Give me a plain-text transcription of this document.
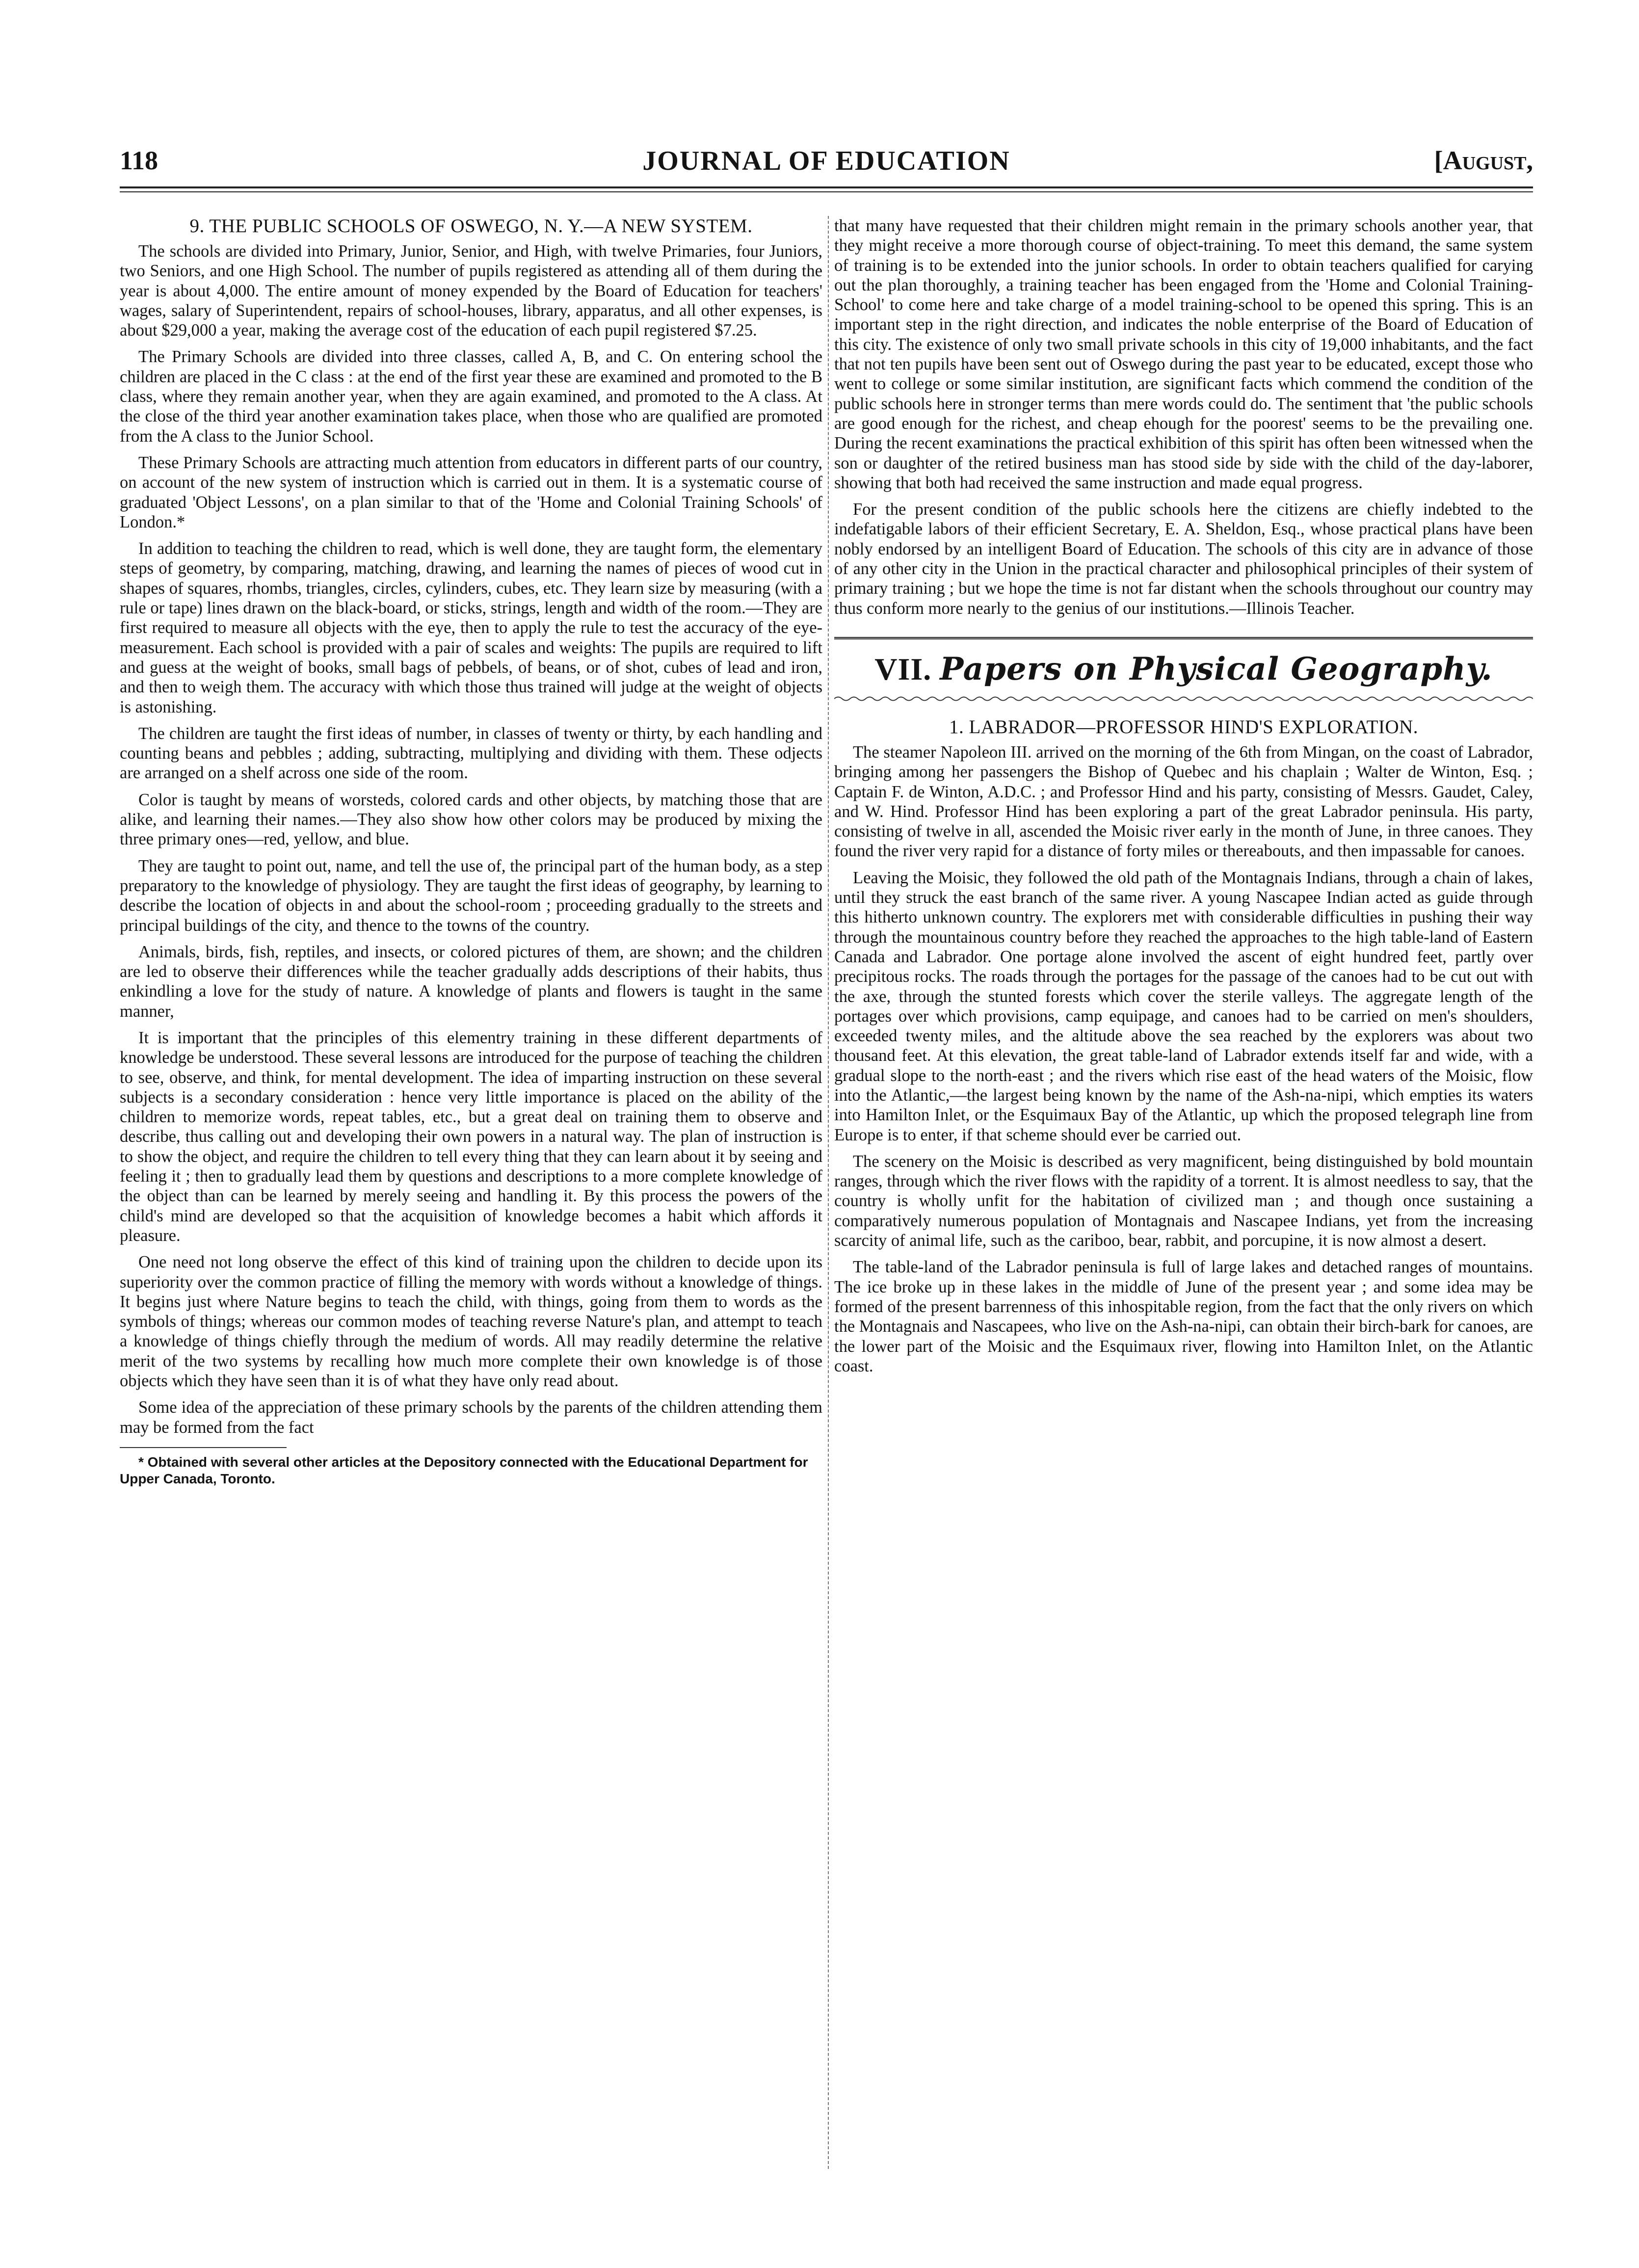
118	JOURNAL OF EDUCATION	[August,
9. THE PUBLIC SCHOOLS OF OSWEGO, N. Y.—A NEW SYSTEM.

The schools are divided into Primary, Junior, Senior, and High, with twelve Primaries, four Juniors, two Seniors, and one High School. The number of pupils registered as attending all of them during the year is about 4,000. The entire amount of money expended by the Board of Education for teachers' wages, salary of Superintendent, repairs of school-houses, library, apparatus, and all other expenses, is about $29,000 a year, making the average cost of the education of each pupil registered $7.25.

The Primary Schools are divided into three classes, called A, B, and C. On entering school the children are placed in the C class : at the end of the first year these are examined and promoted to the B class, where they remain another year, when they are again examined, and promoted to the A class. At the close of the third year another examination takes place, when those who are qualified are promoted from the A class to the Junior School.

These Primary Schools are attracting much attention from educators in different parts of our country, on account of the new system of instruction which is carried out in them. It is a systematic course of graduated 'Object Lessons', on a plan similar to that of the 'Home and Colonial Training Schools' of London.*

In addition to teaching the children to read, which is well done, they are taught form, the elementary steps of geometry, by comparing, matching, drawing, and learning the names of pieces of wood cut in shapes of squares, rhombs, triangles, circles, cylinders, cubes, etc. They learn size by measuring (with a rule or tape) lines drawn on the black-board, or sticks, strings, length and width of the room.—They are first required to measure all objects with the eye, then to apply the rule to test the accuracy of the eye-measurement. Each school is provided with a pair of scales and weights: The pupils are required to lift and guess at the weight of books, small bags of pebbels, of beans, or of shot, cubes of lead and iron, and then to weigh them. The accuracy with which those thus trained will judge at the weight of objects is astonishing.

The children are taught the first ideas of number, in classes of twenty or thirty, by each handling and counting beans and pebbles ; adding, subtracting, multiplying and dividing with them. These odjects are arranged on a shelf across one side of the room.

Color is taught by means of worsteds, colored cards and other objects, by matching those that are alike, and learning their names.—They also show how other colors may be produced by mixing the three primary ones—red, yellow, and blue.

They are taught to point out, name, and tell the use of, the principal part of the human body, as a step preparatory to the knowledge of physiology. They are taught the first ideas of geography, by learning to describe the location of objects in and about the school-room ; proceeding gradually to the streets and principal buildings of the city, and thence to the towns of the country.

Animals, birds, fish, reptiles, and insects, or colored pictures of them, are shown; and the children are led to observe their differences while the teacher gradually adds descriptions of their habits, thus enkindling a love for the study of nature. A knowledge of plants and flowers is taught in the same manner,

It is important that the principles of this elementry training in these different departments of knowledge be understood. These several lessons are introduced for the purpose of teaching the children to see, observe, and think, for mental development. The idea of imparting instruction on these several subjects is a secondary consideration : hence very little importance is placed on the ability of the children to memorize words, repeat tables, etc., but a great deal on training them to observe and describe, thus calling out and developing their own powers in a natural way. The plan of instruction is to show the object, and require the children to tell every thing that they can learn about it by seeing and feeling it ; then to gradually lead them by questions and descriptions to a more complete knowledge of the object than can be learned by merely seeing and handling it. By this process the powers of the child's mind are developed so that the acquisition of knowledge becomes a habit which affords it pleasure.

One need not long observe the effect of this kind of training upon the children to decide upon its superiority over the common practice of filling the memory with words without a knowledge of things. It begins just where Nature begins to teach the child, with things, going from them to words as the symbols of things; whereas our common modes of teaching reverse Nature's plan, and attempt to teach a knowledge of things chiefly through the medium of words. All may readily determine the relative merit of the two systems by recalling how much more complete their own knowledge is of those objects which they have seen than it is of what they have only read about.

Some idea of the appreciation of these primary schools by the parents of the children attending them may be formed from the fact

* Obtained with several other articles at the Depository connected with the Educational Department for Upper Canada, Toronto.

that many have requested that their children might remain in the primary schools another year, that they might receive a more thorough course of object-training. To meet this demand, the same system of training is to be extended into the junior schools. In order to obtain teachers qualified for carying out the plan thoroughly, a training teacher has been engaged from the 'Home and Colonial Training-School' to come here and take charge of a model training-school to be opened this spring. This is an important step in the right direction, and indicates the noble enterprise of the Board of Education of this city. The existence of only two small private schools in this city of 19,000 inhabitants, and the fact that not ten pupils have been sent out of Oswego during the past year to be educated, except those who went to college or some similar institution, are significant facts which commend the condition of the public schools here in stronger terms than mere words could do. The sentiment that 'the public schools are good enough for the richest, and cheap ehough for the poorest' seems to be the prevailing one. During the recent examinations the practical exhibition of this spirit has often been witnessed when the son or daughter of the retired business man has stood side by side with the child of the day-laborer, showing that both had received the same instruction and made equal progress.

For the present condition of the public schools here the citizens are chiefly indebted to the indefatigable labors of their efficient Secretary, E. A. Sheldon, Esq., whose practical plans have been nobly endorsed by an intelligent Board of Education. The schools of this city are in advance of those of any other city in the Union in the practical character and philosophical principles of their system of primary training ; but we hope the time is not far distant when the schools throughout our country may thus conform more nearly to the genius of our institutions.—Illinois Teacher.

VII. Papers on Physical Geography.
1. LABRADOR—PROFESSOR HIND'S EXPLORATION.

The steamer Napoleon III. arrived on the morning of the 6th from Mingan, on the coast of Labrador, bringing among her passengers the Bishop of Quebec and his chaplain ; Walter de Winton, Esq. ; Captain F. de Winton, A.D.C. ; and Professor Hind and his party, consisting of Messrs. Gaudet, Caley, and W. Hind. Professor Hind has been exploring a part of the great Labrador peninsula. His party, consisting of twelve in all, ascended the Moisic river early in the month of June, in three canoes. They found the river very rapid for a distance of forty miles or thereabouts, and then impassable for canoes.

Leaving the Moisic, they followed the old path of the Montagnais Indians, through a chain of lakes, until they struck the east branch of the same river. A young Nascapee Indian acted as guide through this hitherto unknown country. The explorers met with considerable difficulties in pushing their way through the mountainous country before they reached the approaches to the high table-land of Eastern Canada and Labrador. One portage alone involved the ascent of eight hundred feet, partly over precipitous rocks. The roads through the portages for the passage of the canoes had to be cut out with the axe, through the stunted forests which cover the sterile valleys. The aggregate length of the portages over which provisions, camp equipage, and canoes had to be carried on men's shoulders, exceeded twenty miles, and the altitude above the sea reached by the explorers was about two thousand feet. At this elevation, the great table-land of Labrador extends itself far and wide, with a gradual slope to the north-east ; and the rivers which rise east of the head waters of the Moisic, flow into the Atlantic,—the largest being known by the name of the Ash-na-nipi, which empties its waters into Hamilton Inlet, or the Esquimaux Bay of the Atlantic, up which the proposed telegraph line from Europe is to enter, if that scheme should ever be carried out.

The scenery on the Moisic is described as very magnificent, being distinguished by bold mountain ranges, through which the river flows with the rapidity of a torrent. It is almost needless to say, that the country is wholly unfit for the habitation of civilized man ; and though once sustaining a comparatively numerous population of Montagnais and Nascapee Indians, yet from the increasing scarcity of animal life, such as the cariboo, bear, rabbit, and porcupine, it is now almost a desert.

The table-land of the Labrador peninsula is full of large lakes and detached ranges of mountains. The ice broke up in these lakes in the middle of June of the present year ; and some idea may be formed of the present barrenness of this inhospitable region, from the fact that the only rivers on which the Montagnais and Nascapees, who live on the Ash-na-nipi, can obtain their birch-bark for canoes, are the lower part of the Moisic and the Esquimaux river, flowing into Hamilton Inlet, on the Atlantic coast.
